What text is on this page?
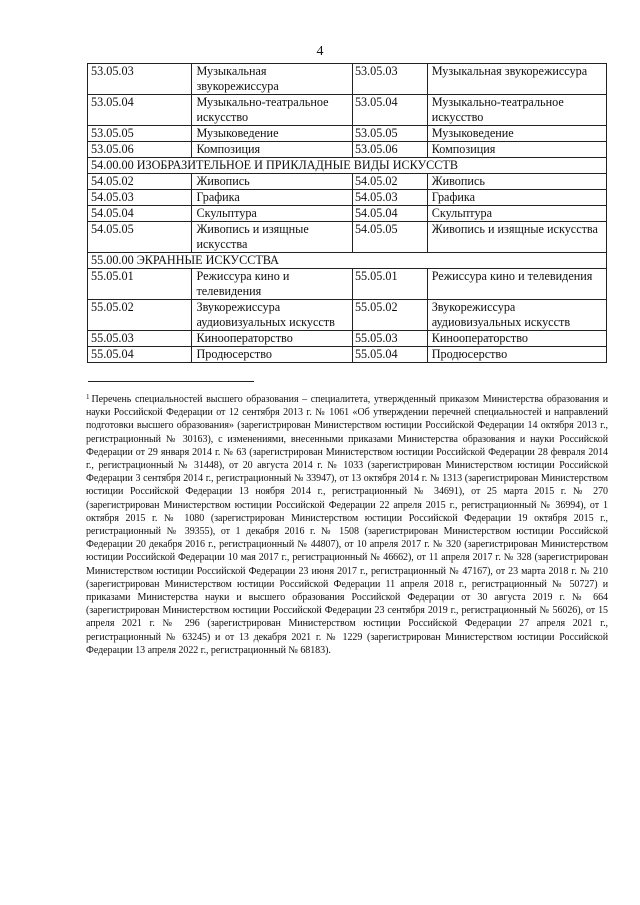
4
53.05.03	Музыкальная звукорежиссура	53.05.03	Музыкальная звукорежиссура
53.05.04	Музыкально-театральное искусство	53.05.04	Музыкально-театральное искусство
53.05.05	Музыковедение	53.05.05	Музыковедение
53.05.06	Композиция	53.05.06	Композиция
54.00.00 ИЗОБРАЗИТЕЛЬНОЕ И ПРИКЛАДНЫЕ ВИДЫ ИСКУССТВ			
54.05.02	Живопись	54.05.02	Живопись
54.05.03	Графика	54.05.03	Графика
54.05.04	Скульптура	54.05.04	Скульптура
54.05.05	Живопись и изящные искусства	54.05.05	Живопись и изящные искусства
55.00.00 ЭКРАННЫЕ ИСКУССТВА			
55.05.01	Режиссура кино и телевидения	55.05.01	Режиссура кино и телевидения
55.05.02	Звукорежиссура аудиовизуальных искусств	55.05.02	Звукорежиссура аудиовизуальных искусств
55.05.03	Кинооператорство	55.05.03	Кинооператорство
55.05.04	Продюсерство	55.05.04	Продюсерство
$^1$ Перечень специальностей высшего образования – специалитета, утвержденный приказом Министерства образования и науки Российской Федерации от 12 сентября 2013 г. № 1061 «Об утверждении перечней специальностей и направлений подготовки высшего образования» (зарегистрирован Министерством юстиции Российской Федерации 14 октября 2013 г., регистрационный № 30163), с изменениями, внесенными приказами Министерства образования и науки Российской Федерации от 29 января 2014 г. № 63 (зарегистрирован Министерством юстиции Российской Федерации 28 февраля 2014 г., регистрационный № 31448), от 20 августа 2014 г. № 1033 (зарегистрирован Министерством юстиции Российской Федерации 3 сентября 2014 г., регистрационный № 33947), от 13 октября 2014 г. № 1313 (зарегистрирован Министерством юстиции Российской Федерации 13 ноября 2014 г., регистрационный № 34691), от 25 марта 2015 г. № 270 (зарегистрирован Министерством юстиции Российской Федерации 22 апреля 2015 г., регистрационный № 36994), от 1 октября 2015 г. № 1080 (зарегистрирован Министерством юстиции Российской Федерации 19 октября 2015 г., регистрационный № 39355), от 1 декабря 2016 г. № 1508 (зарегистрирован Министерством юстиции Российской Федерации 20 декабря 2016 г., регистрационный № 44807), от 10 апреля 2017 г. № 320 (зарегистрирован Министерством юстиции Российской Федерации 10 мая 2017 г., регистрационный № 46662), от 11 апреля 2017 г. № 328 (зарегистрирован Министерством юстиции Российской Федерации 23 июня 2017 г., регистрационный № 47167), от 23 марта 2018 г. № 210 (зарегистрирован Министерством юстиции Российской Федерации 11 апреля 2018 г., регистрационный № 50727) и приказами Министерства науки и высшего образования Российской Федерации от 30 августа 2019 г. № 664 (зарегистрирован Министерством юстиции Российской Федерации 23 сентября 2019 г., регистрационный № 56026), от 15 апреля 2021 г. № 296 (зарегистрирован Министерством юстиции Российской Федерации 27 апреля 2021 г., регистрационный № 63245) и от 13 декабря 2021 г. № 1229 (зарегистрирован Министерством юстиции Российской Федерации 13 апреля 2022 г., регистрационный № 68183).
